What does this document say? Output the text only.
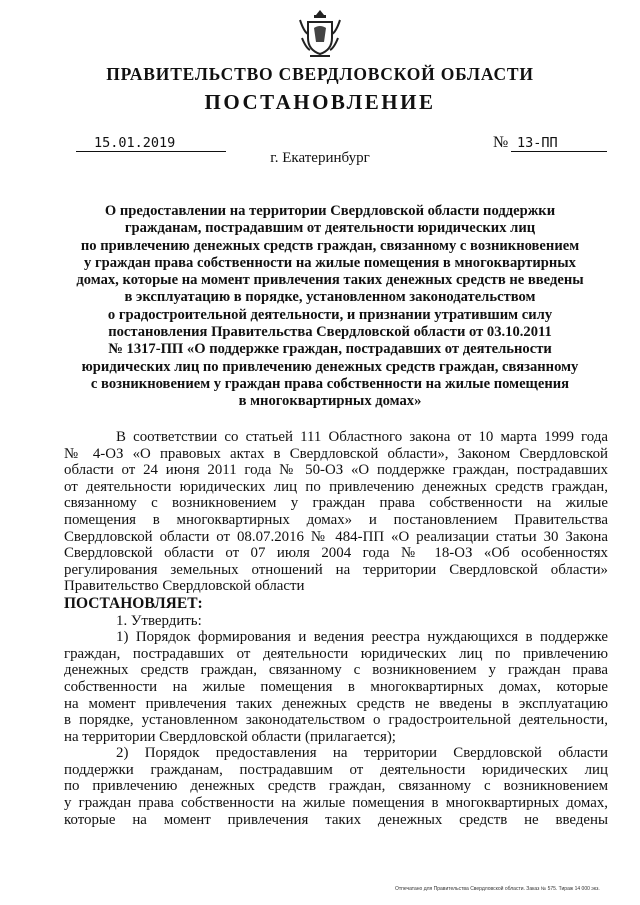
ПРАВИТЕЛЬСТВО СВЕРДЛОВСКОЙ ОБЛАСТИ
ПОСТАНОВЛЕНИЕ
15.01.2019	№ 13-ПП
г. Екатеринбург
О предоставлении на территории Свердловской области поддержки
гражданам, пострадавшим от деятельности юридических лиц
по привлечению денежных средств граждан, связанному с возникновением
у граждан права собственности на жилые помещения в многоквартирных
домах, которые на момент привлечения таких денежных средств не введены
в эксплуатацию в порядке, установленном законодательством
о градостроительной деятельности, и признании утратившим силу
постановления Правительства Свердловской области от 03.10.2011
№ 1317-ПП «О поддержке граждан, пострадавших от деятельности
юридических лиц по привлечению денежных средств граждан, связанному
с возникновением у граждан права собственности на жилые помещения
в многоквартирных домах»
В соответствии со статьей 111 Областного закона от 10 марта 1999 года
№ 4-ОЗ «О правовых актах в Свердловской области», Законом Свердловской
области от 24 июня 2011 года № 50-ОЗ «О поддержке граждан, пострадавших
от деятельности юридических лиц по привлечению денежных средств граждан,
связанному с возникновением у граждан права собственности на жилые
помещения в многоквартирных домах» и постановлением Правительства
Свердловской области от 08.07.2016 № 484-ПП «О реализации статьи 30 Закона
Свердловской области от 07 июля 2004 года № 18-ОЗ «Об особенностях
регулирования земельных отношений на территории Свердловской области»
Правительство Свердловской области
ПОСТАНОВЛЯЕТ:
1. Утвердить:
1) Порядок формирования и ведения реестра нуждающихся в поддержке
граждан, пострадавших от деятельности юридических лиц по привлечению
денежных средств граждан, связанному с возникновением у граждан права
собственности на жилые помещения в многоквартирных домах, которые
на момент привлечения таких денежных средств не введены в эксплуатацию
в порядке, установленном законодательством о градостроительной деятельности,
на территории Свердловской области (прилагается);
2) Порядок предоставления на территории Свердловской области
поддержки гражданам, пострадавшим от деятельности юридических лиц
по привлечению денежных средств граждан, связанному с возникновением
у граждан права собственности на жилые помещения в многоквартирных домах,
которые на момент привлечения таких денежных средств не введены
Отпечатано для Правительства Свердловской области. Заказ № 575. Тираж 14 000 экз.
